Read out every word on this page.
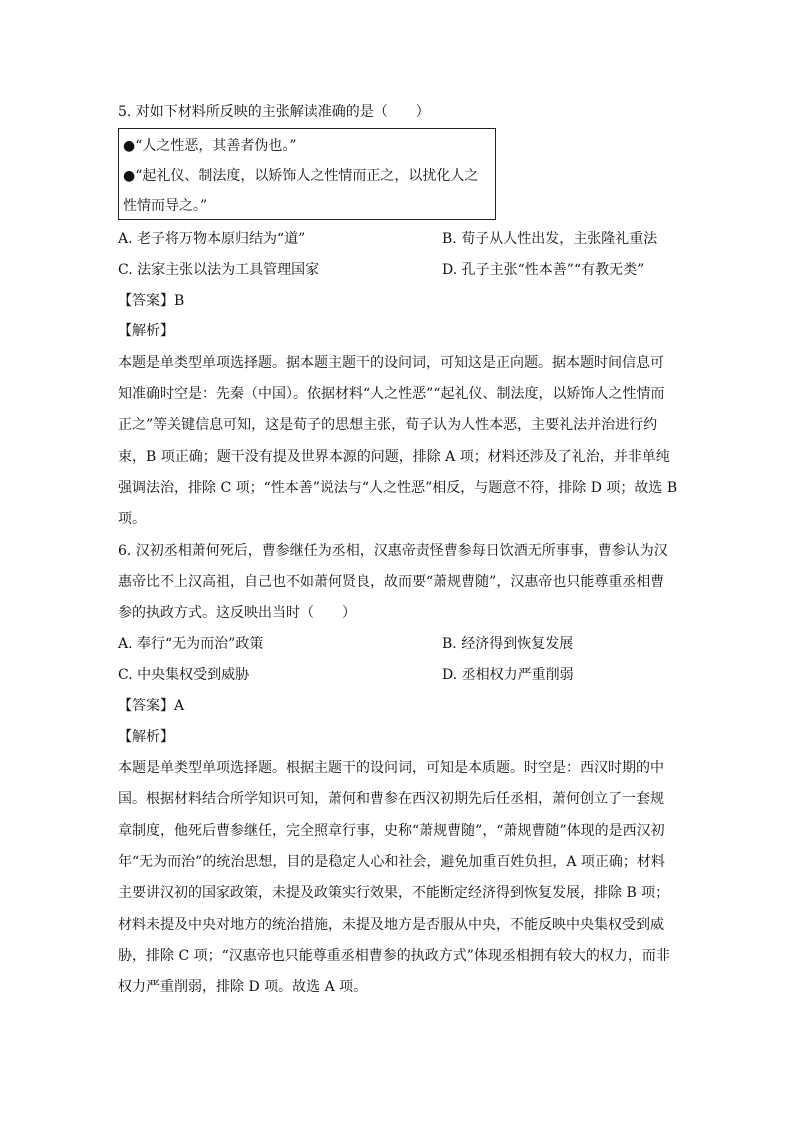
5. 对如下材料所反映的主张解读准确的是（　　）
●“人之性恶，其善者伪也。”
●“起礼仪、制法度，以矫饰人之性情而正之，以扰化人之
性情而导之。”
A. 老子将万物本原归结为“道”	B. 荀子从人性出发，主张隆礼重法
C. 法家主张以法为工具管理国家	D. 孔子主张“性本善”“有教无类”
【答案】B
【解析】
本题是单类型单项选择题。据本题主题干的设问词，可知这是正向题。据本题时间信息可
知准确时空是：先秦（中国）。依据材料“人之性恶”“起礼仪、制法度，以矫饰人之性情而
正之”等关键信息可知，这是荀子的思想主张，荀子认为人性本恶，主要礼法并治进行约
束，B 项正确；题干没有提及世界本源的问题，排除 A 项；材料还涉及了礼治，并非单纯
强调法治，排除 C 项；“性本善”说法与“人之性恶”相反，与题意不符，排除 D 项；故选 B
项。
6. 汉初丞相萧何死后，曹参继任为丞相，汉惠帝责怪曹参每日饮酒无所事事，曹参认为汉
惠帝比不上汉高祖，自己也不如萧何贤良，故而要“萧规曹随”，汉惠帝也只能尊重丞相曹
参的执政方式。这反映出当时（　　）
A. 奉行“无为而治”政策	B. 经济得到恢复发展
C. 中央集权受到威胁	D. 丞相权力严重削弱
【答案】A
【解析】
本题是单类型单项选择题。根据主题干的设问词，可知是本质题。时空是：西汉时期的中
国。根据材料结合所学知识可知，萧何和曹参在西汉初期先后任丞相，萧何创立了一套规
章制度，他死后曹参继任，完全照章行事，史称“萧规曹随”，“萧规曹随”体现的是西汉初
年“无为而治”的统治思想，目的是稳定人心和社会，避免加重百姓负担，A 项正确；材料
主要讲汉初的国家政策，未提及政策实行效果，不能断定经济得到恢复发展，排除 B 项；
材料未提及中央对地方的统治措施，未提及地方是否服从中央，不能反映中央集权受到威
胁，排除 C 项；“汉惠帝也只能尊重丞相曹参的执政方式”体现丞相拥有较大的权力，而非
权力严重削弱，排除 D 项。故选 A 项。
